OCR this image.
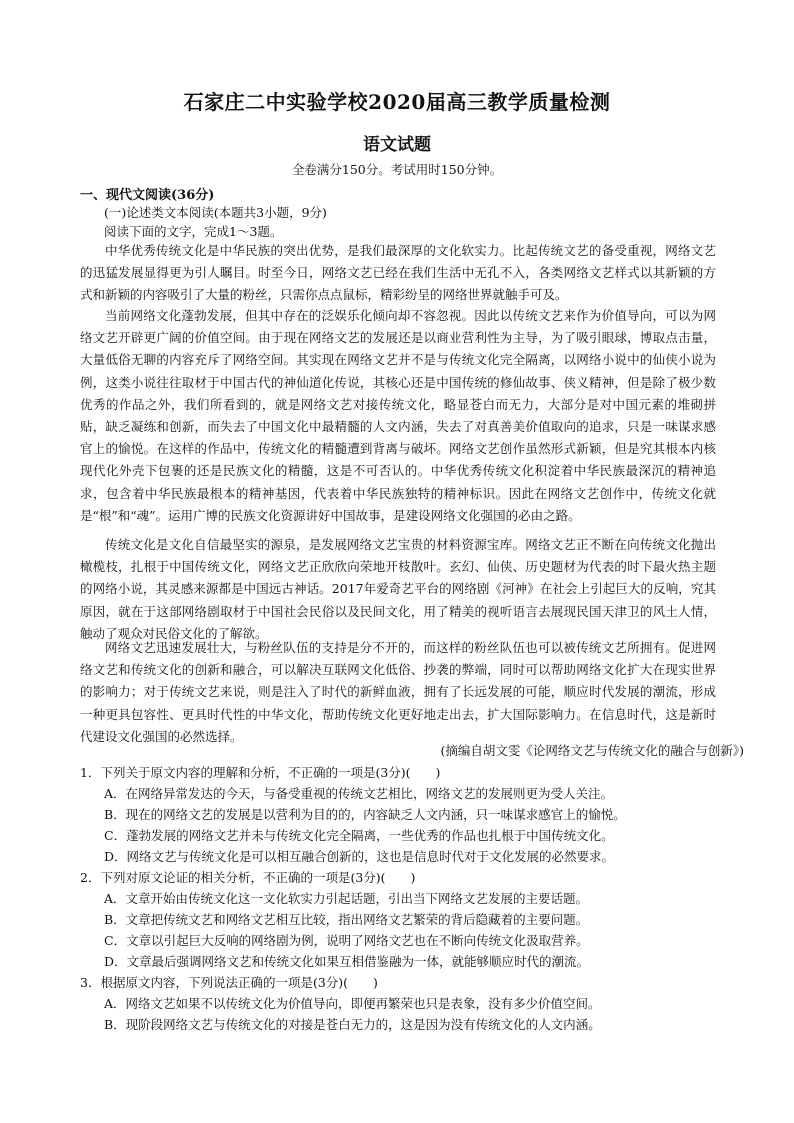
石家庄二中实验学校2020届高三教学质量检测
语文试题
全卷满分150分。考试用时150分钟。
一、现代文阅读(36分)
(一)论述类文本阅读(本题共3小题，9分)
阅读下面的文字，完成1～3题。
中华优秀传统文化是中华民族的突出优势，是我们最深厚的文化软实力。比起传统文艺的备受重视，网络文艺的迅猛发展显得更为引人瞩目。时至今日，网络文艺已经在我们生活中无孔不入，各类网络文艺样式以其新颖的方式和新颖的内容吸引了大量的粉丝，只需你点点鼠标，精彩纷呈的网络世界就触手可及。
当前网络文化蓬勃发展，但其中存在的泛娱乐化倾向却不容忽视。因此以传统文艺来作为价值导向，可以为网络文艺开辟更广阔的价值空间。由于现在网络文艺的发展还是以商业营利性为主导，为了吸引眼球，博取点击量，大量低俗无聊的内容充斥了网络空间。其实现在网络文艺并不是与传统文化完全隔离，以网络小说中的仙侠小说为例，这类小说往往取材于中国古代的神仙道化传说，其核心还是中国传统的修仙故事、侠义精神，但是除了极少数优秀的作品之外，我们所看到的，就是网络文艺对接传统文化，略显苍白而无力，大部分是对中国元素的堆砌拼贴，缺乏凝练和创新，而失去了中国文化中最精髓的人文内涵，失去了对真善美价值取向的追求，只是一味谋求感官上的愉悦。在这样的作品中，传统文化的精髓遭到背离与破坏。网络文艺创作虽然形式新颖，但是究其根本内核现代化外壳下包裹的还是民族文化的精髓，这是不可否认的。中华优秀传统文化积淀着中华民族最深沉的精神追求，包含着中华民族最根本的精神基因，代表着中华民族独特的精神标识。因此在网络文艺创作中，传统文化就是“根”和“魂”。运用广博的民族文化资源讲好中国故事，是建设网络文化强国的必由之路。
传统文化是文化自信最坚实的源泉，是发展网络文艺宝贵的材料资源宝库。网络文艺正不断在向传统文化抛出橄榄枝，扎根于中国传统文化，网络文艺正欣欣向荣地开枝散叶。玄幻、仙侠、历史题材为代表的时下最火热主题的网络小说，其灵感来源都是中国远古神话。2017年爱奇艺平台的网络剧《河神》在社会上引起巨大的反响，究其原因，就在于这部网络剧取材于中国社会民俗以及民间文化，用了精美的视听语言去展现民国天津卫的风土人情，触动了观众对民俗文化的了解欲。
网络文艺迅速发展壮大，与粉丝队伍的支持是分不开的，而这样的粉丝队伍也可以被传统文艺所拥有。促进网络文艺和传统文化的创新和融合，可以解决互联网文化低俗、抄袭的弊端，同时可以帮助网络文化扩大在现实世界的影响力；对于传统文艺来说，则是注入了时代的新鲜血液，拥有了长远发展的可能，顺应时代发展的潮流，形成一种更具包容性、更具时代性的中华文化，帮助传统文化更好地走出去，扩大国际影响力。在信息时代，这是新时代建设文化强国的必然选择。
(摘编自胡文雯《论网络文艺与传统文化的融合与创新》)
1．下列关于原文内容的理解和分析，不正确的一项是(3分)(　　)
A．在网络异常发达的今天，与备受重视的传统文艺相比，网络文艺的发展则更为受人关注。
B．现在的网络文艺的发展是以营利为目的的，内容缺乏人文内涵，只一味谋求感官上的愉悦。
C．蓬勃发展的网络文艺并未与传统文化完全隔离，一些优秀的作品也扎根于中国传统文化。
D．网络文艺与传统文化是可以相互融合创新的，这也是信息时代对于文化发展的必然要求。
2．下列对原文论证的相关分析，不正确的一项是(3分)(　　)
A．文章开始由传统文化这一文化软实力引起话题，引出当下网络文艺发展的主要话题。
B．文章把传统文艺和网络文艺相互比较，指出网络文艺繁荣的背后隐藏着的主要问题。
C．文章以引起巨大反响的网络剧为例，说明了网络文艺也在不断向传统文化汲取营养。
D．文章最后强调网络文艺和传统文化如果互相借鉴融为一体，就能够顺应时代的潮流。
3．根据原文内容，下列说法正确的一项是(3分)(　　)
A．网络文艺如果不以传统文化为价值导向，即便再繁荣也只是表象，没有多少价值空间。
B．现阶段网络文艺与传统文化的对接是苍白无力的，这是因为没有传统文化的人文内涵。
